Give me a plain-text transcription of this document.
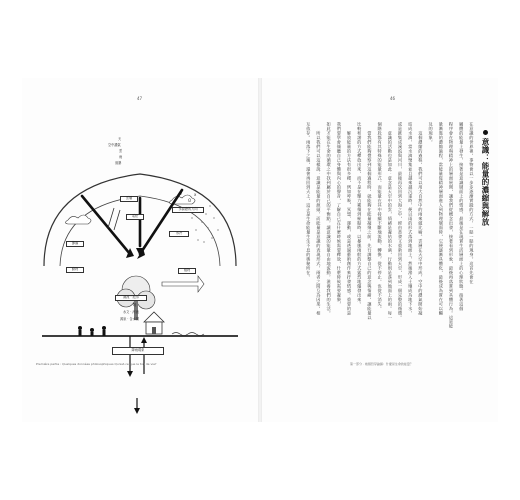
47
y
ʘ
x
天
空中濃氣
雲
雨
風暴
雲層
電松
水源總的方向
節落
水冷
植物
動物
溪流 · 池水
地
水文 · 河流
源泉 · 含水層
降雨現象
Première partie : Quelques données philosophiques Qu'est-ce que le ton de vie?
46
意識：能量的濃縮與解放
在意識的世界裡，事物會以一步步逐漸實踐的方式，一點一點的現身。這首先會在
屬體的能量上發生，接著是意識層面上的情感，最後是在現實生活層面上的心理狀態。接著這個
程序會在物理與精神上的層面展開，讓我們從概念出發，接著看到形象，最後再落實到具體行為。這是能
量漸進的濃縮過程，當能量從精神層面進入到物理層面時，它便逐漸具體化，最後成為實在可以觸
及的現象。
　　這個濃縮的過程，我們可以用大自然中的雨來做比喻。雲層在天空中形成，空中的濃氣開始凝
結成水滴，當水滴聚集並且越來越沉重時，便以雨的形式落到地面上，然後滲入土壤成為地下水，
或是匯集成溪流與河川，最後再次回到大海之中，經由蒸發又重新回到天空，形成一個完整的循環。
　　意識的活動也是如此：意念是天空中的雲，情緒是凝結的水滴，行動則是落到地面上的雨。每一
個階段都有其特殊的能量形式，而能量在其中持續不斷地流動、轉換，從不停止，也從不消失。
　　當我們能夠覺察到這個過程時，就能夠在能量凝聚之前，先行調整自己的意念與情緒，讓能量以
比較和諧的方式釋放出來，而不是在壓力累積到極點時，以暴風雨般的方式猛烈地爆發出來。
　　解放能量的方法有很多種，例如呼吸、冥想、運動，或是透過藝術創作來抒發情感。重要的是
我們要學會傾聽自己身體與內心的聲音，了解自己在什麼時候需要釋放，什麼時候需要凝聚，
如此才能在生命的循環之中找到屬於自己的平衡點，讓意識的能量自由地流動，滋養我們的生活。
　　所以我們可以這樣說：意識是能量的源頭，而能量是意識的表現形式，兩者之間互為因果，相
互依存。雨落下之後，還會再回到天上，這正是生命能量生生不息的奧秘所在。
第一部分 · 幾個哲學論據：什麼是生命的能量？
